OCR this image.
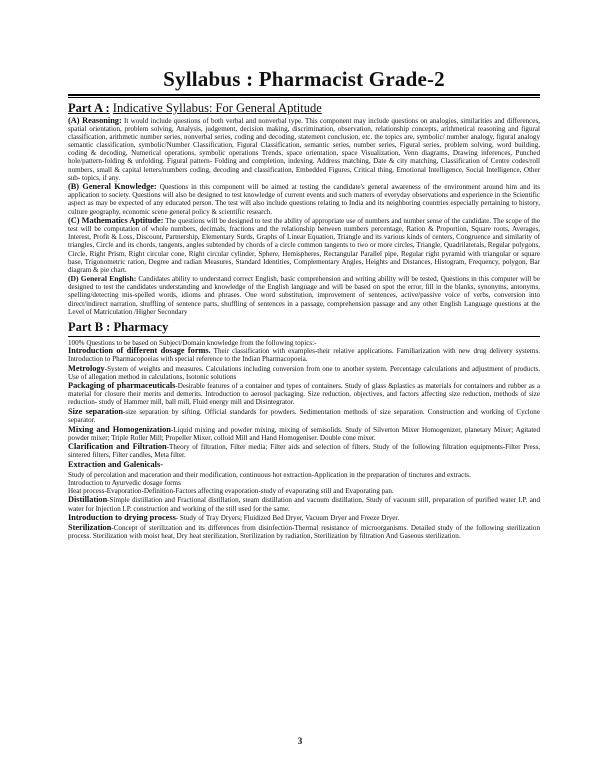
Syllabus : Pharmacist Grade-2
Part A : Indicative Syllabus: For General Aptitude

(A) Reasoning: It would include questions of both verbal and nonverbal type. This component may include questions on analogies, similarities and differences, spatial orientation, problem solving, Analysis, judgement, decision making, discrimination, observation, relationship concepts, arithmetical reasoning and figural classification, arithmetic number series, nonverbal series, coding and decoding, statement conclusion, etc. the topics are, symbolic/ number analogy, figural analogy semantic classification, symbolic/Number Classification, Figural Classification, semantic series, number series, Figural series, problem solving, word building, coding & decoding, Numerical operations, symbolic operations Trends, space orientation, space Visualization, Venn diagrams, Drawing inferences, Punched hole/pattern-folding & unfolding. Figural pattern- Folding and completion, indexing. Address matching, Date & city matching, Classification of Centre codes/roll numbers, small & capital letters/numbers coding, decoding and classification, Embedded Figures, Critical thing, Emotional Intelligence, Social Intelligence, Other sub- topics, if any.

(B) General Knowledge: Questions in this component will be aimed at testing the candidate's general awareness of the environment around him and its application to society. Questions will also be designed to test knowledge of current events and such matters of everyday observations and experience in the Scientific aspect as may be expected of any educated person. The test will also include questions relating to India and its neighboring countries especially pertaining to history, culture geography, economic scene general policy & scientific research.

(C) Mathematics Aptitude: The questions will be designed to test the ability of appropriate use of numbers and number sense of the candidate. The scope of the test will be computation of whole numbers, decimals, fractions and the relationship between numbers percentage, Ration & Proportion, Square roots, Averages, Interest, Profit & Loss, Discount, Partnership, Elementary Surds, Graphs of Linear Equation, Triangle and its various kinds of centers, Congruence and similarity of triangles, Circle and its chords, tangents, angles subtended by chords of a circle common tangents to two or more circles, Triangle, Quadrilaterals, Regular polygons, Circle, Right Prism, Right circular cone, Right circular cylinder, Sphere, Hemispheres, Rectangular Parallel pipe, Regular right pyramid with triangular or square base, Trigonometric ration, Degree and radian Measures, Standard Identities, Complementary Angles, Heights and Distances, Histogram, Frequency, polygon, Bar diagram & pie chart.

(D) General English: Candidates ability to understand correct English, basic comprehension and writing ability will be tested, Questions in this computer will be designed to test the candidates understanding and knowledge of the English language and will be based on spot the error, fill in the blanks, synonyms, antonyms, spelling/detecting mis-spelled words, idioms and phrases. One word substitution, improvement of sentences, active/passive voice of verbs, conversion into direct/indirect narration, shuffling of sentence parts, shuffling of sentences in a passage, comprehension passage and any other English Language questions at the Level of Matriculation /Higher Secondary

Part B : Pharmacy
100% Questions to be based on Subject/Domain knowledge from the following topics:-

Introduction of different dosage forms. Their classification with examples-their relative applications. Familiarization with new drug delivery systems. Introduction to Pharmacopoeias with special reference to the Indian Pharmacopoeia.

Metrology-System of weights and measures. Calculations including conversion from one to another system. Percentage calculations and adjustment of products. Use of allegation method in calculations, Isotonic solutions

Packaging of pharmaceuticals-Desirable features of a container and types of containers. Study of glass &plastics as materials for containers and rubber as a material for closure their merits and demerits. Introduction to aerosol packaging. Size reduction, objectives, and factors affecting size reduction, methods of size reduction- study of Hammer mill, ball mill, Fluid energy mill and Disintegrator.

Size separation-size separation by sifting. Official standards for powders. Sedimentation methods of size separation. Construction and working of Cyclone separator.

Mixing and Homogenization-Liquid mixing and powder mixing, mixing of semisolids. Study of Silverton Mixer Homogenizer, planetary Mixer; Agitated powder mixer; Triple Roller Mill; Propeller Mixer, colloid Mill and Hand Homogeniser. Double cone mixer.

Clarification and Filtration-Theory of filtration, Filter media; Filter aids and selection of filters. Study of the following filtration equipments-Filter Press, sintered filters, Filter candles, Meta filter.

Extraction and Galenicals-

Study of percolation and maceration and their modification, continuous hot extraction-Application in the preparation of tinctures and extracts.
Introduction to Ayurvedic dosage forms
Heat process-Evaporation-Definition-Factors affecting evaporation-study of evaporating still and Evaporating pan.

Distillation-Simple distillation and Fractional distillation, steam distillation and vacuum distillation, Study of vacuum still, preparation of purified water I.P. and water for Injection I.P. construction and working of the still used for the same.

Introduction to drying process- Study of Tray Dryers; Fluidized Bed Dryer, Vacuum Dryer and Freeze Dryer.

Sterilization-Concept of sterilization and its differences from disinfection-Thermal resistance of microorganisms. Detailed study of the following sterilization process. Sterilization with moist heat, Dry heat sterilization, Sterilization by radiation, Sterilization by filtration And Gaseous sterilization.

3
